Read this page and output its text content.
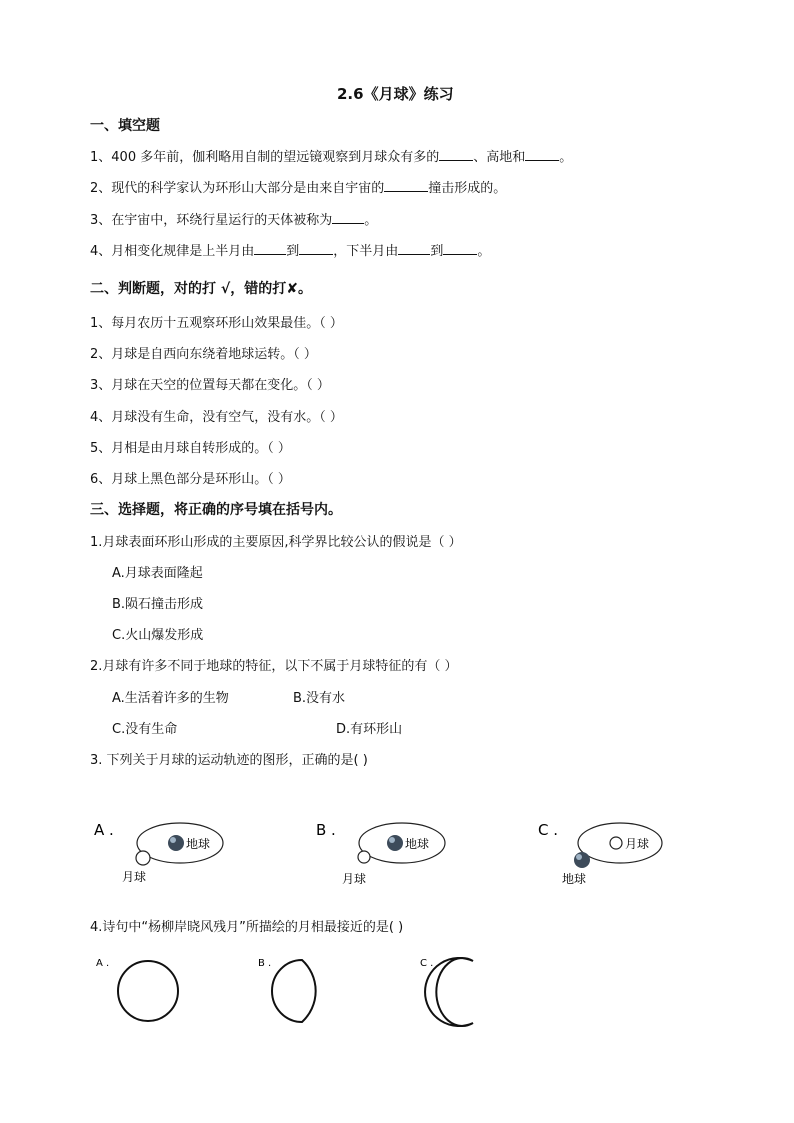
2.6《月球》练习
一、填空题
1、400 多年前，伽利略用自制的望远镜观察到月球众有多的	、高地和	。
2、现代的科学家认为环形山大部分是由来自宇宙的	撞击形成的。
3、在宇宙中，环绕行星运行的天体被称为 。
4、月相变化规律是上半月由 到	，下半月由 到	。
二、判断题，对的打 √，错的打✘。
1、每月农历十五观察环形山效果最佳。（ ）
2、月球是自西向东绕着地球运转。（ ）
3、月球在天空的位置每天都在变化。（ ）
4、月球没有生命，没有空气，没有水。（ ）
5、月相是由月球自转形成的。（ ）
6、月球上黑色部分是环形山。（ ）
三、选择题，将正确的序号填在括号内。
1.月球表面环形山形成的主要原因,科学界比较公认的假说是（ ）
A.月球表面隆起
B.陨石撞击形成
C.火山爆发形成
2.月球有许多不同于地球的特征，以下不属于月球特征的有（ ）
A.生活着许多的生物	B.没有水
C.没有生命	D.有环形山
3. 下列关于月球的运动轨迹的图形，正确的是( )
A .
地球
月球
B .
地球
月球
C .
月球
地球
4.诗句中“杨柳岸晓风残月”所描绘的月相最接近的是( )
A .	B .	C .
